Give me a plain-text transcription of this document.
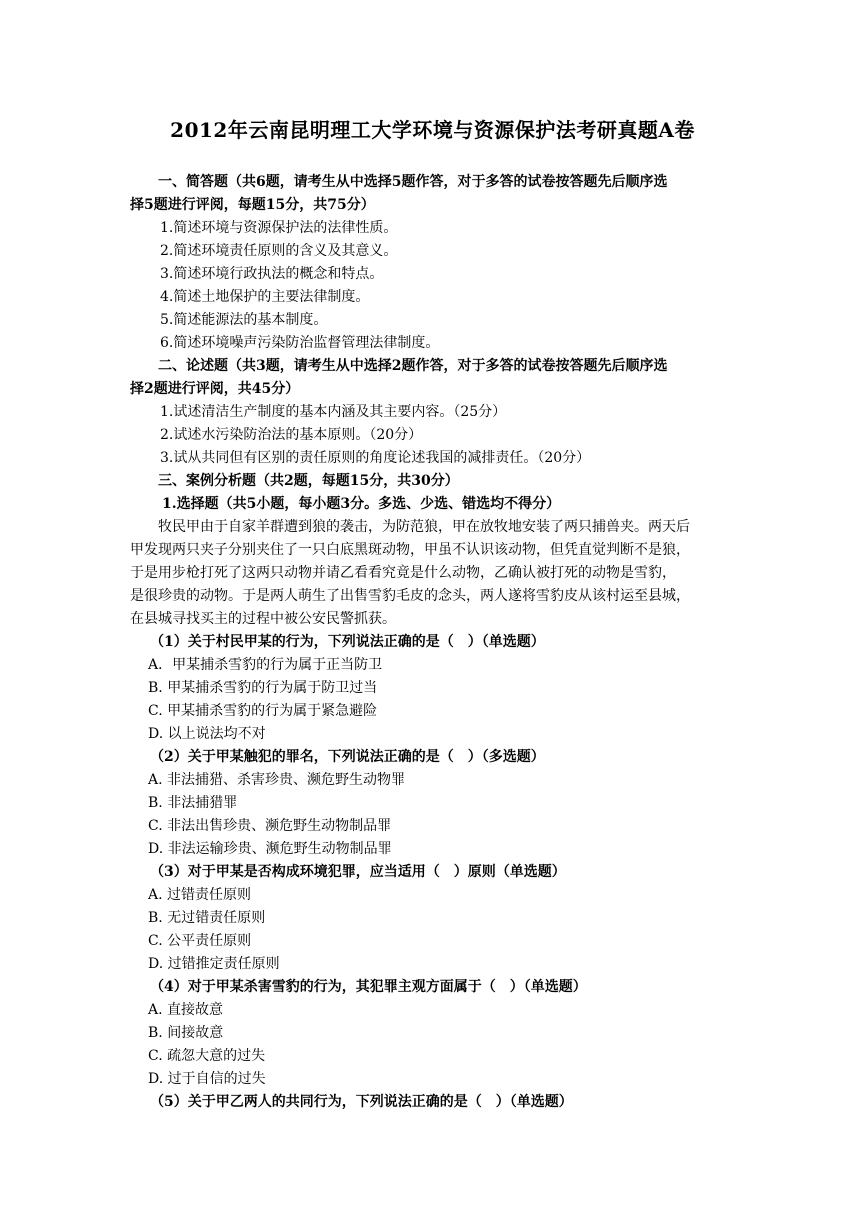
2012年云南昆明理工大学环境与资源保护法考研真题A卷
一、简答题（共6题，请考生从中选择5题作答，对于多答的试卷按答题先后顺序选
择5题进行评阅，每题15分，共75分）
1.简述环境与资源保护法的法律性质。
2.简述环境责任原则的含义及其意义。
3.简述环境行政执法的概念和特点。
4.简述土地保护的主要法律制度。
5.简述能源法的基本制度。
6.简述环境噪声污染防治监督管理法律制度。
二、论述题（共3题，请考生从中选择2题作答，对于多答的试卷按答题先后顺序选
择2题进行评阅，共45分）
1.试述清洁生产制度的基本内涵及其主要内容。（25分）
2.试述水污染防治法的基本原则。（20分）
3.试从共同但有区别的责任原则的角度论述我国的减排责任。（20分）
三、案例分析题（共2题，每题15分，共30分）
1.选择题（共5小题，每小题3分。多选、少选、错选均不得分）
牧民甲由于自家羊群遭到狼的袭击，为防范狼，甲在放牧地安装了两只捕兽夹。两天后
甲发现两只夹子分别夹住了一只白底黑斑动物，甲虽不认识该动物，但凭直觉判断不是狼，
于是用步枪打死了这两只动物并请乙看看究竟是什么动物，乙确认被打死的动物是雪豹，
是很珍贵的动物。于是两人萌生了出售雪豹毛皮的念头，两人遂将雪豹皮从该村运至县城，
在县城寻找买主的过程中被公安民警抓获。
（1）关于村民甲某的行为，下列说法正确的是（　）（单选题）
A．甲某捕杀雪豹的行为属于正当防卫
B. 甲某捕杀雪豹的行为属于防卫过当
C. 甲某捕杀雪豹的行为属于紧急避险
D. 以上说法均不对
（2）关于甲某触犯的罪名，下列说法正确的是（　）（多选题）
A. 非法捕猎、杀害珍贵、濒危野生动物罪
B. 非法捕猎罪
C. 非法出售珍贵、濒危野生动物制品罪
D. 非法运输珍贵、濒危野生动物制品罪
（3）对于甲某是否构成环境犯罪，应当适用（　）原则（单选题）
A. 过错责任原则
B. 无过错责任原则
C. 公平责任原则
D. 过错推定责任原则
（4）对于甲某杀害雪豹的行为，其犯罪主观方面属于（　）（单选题）
A. 直接故意
B. 间接故意
C. 疏忽大意的过失
D. 过于自信的过失
（5）关于甲乙两人的共同行为，下列说法正确的是（　）（单选题）
